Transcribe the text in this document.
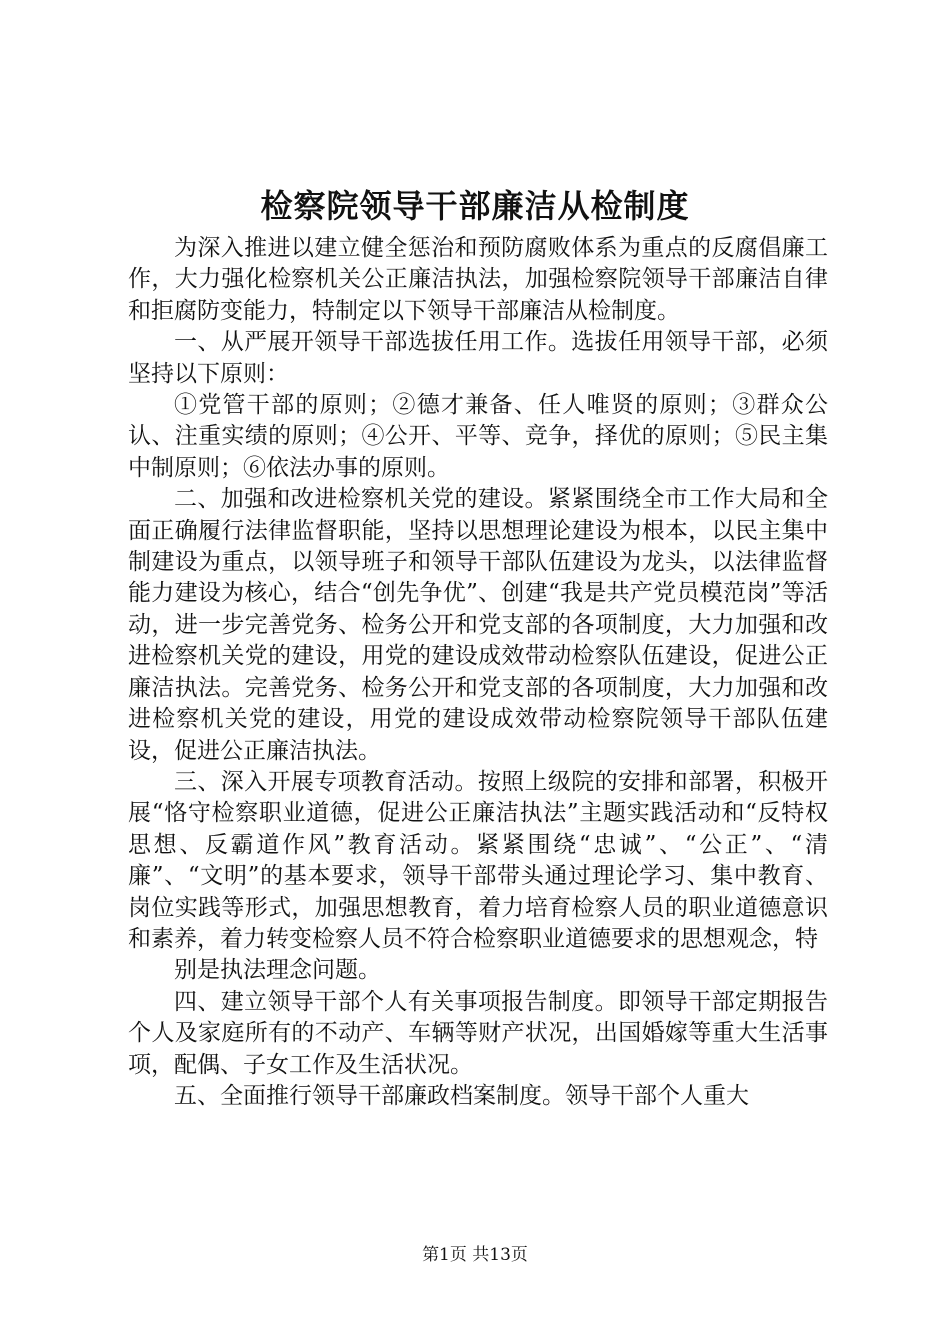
检察院领导干部廉洁从检制度

为深入推进以建立健全惩治和预防腐败体系为重点的反腐倡廉工作，大力强化检察机关公正廉洁执法，加强检察院领导干部廉洁自律和拒腐防变能力，特制定以下领导干部廉洁从检制度。

一、从严展开领导干部选拔任用工作。选拔任用领导干部，必须坚持以下原则：

①党管干部的原则；②德才兼备、任人唯贤的原则；③群众公认、注重实绩的原则；④公开、平等、竞争，择优的原则；⑤民主集中制原则；⑥依法办事的原则。

二、加强和改进检察机关党的建设。紧紧围绕全市工作大局和全面正确履行法律监督职能，坚持以思想理论建设为根本，以民主集中制建设为重点，以领导班子和领导干部队伍建设为龙头，以法律监督能力建设为核心，结合“创先争优”、创建“我是共产党员模范岗”等活动，进一步完善党务、检务公开和党支部的各项制度，大力加强和改进检察机关党的建设，用党的建设成效带动检察队伍建设，促进公正廉洁执法。完善党务、检务公开和党支部的各项制度，大力加强和改进检察机关党的建设，用党的建设成效带动检察院领导干部队伍建设，促进公正廉洁执法。

三、深入开展专项教育活动。按照上级院的安排和部署，积极开展“恪守检察职业道德，促进公正廉洁执法”主题实践活动和“反特权思想、反霸道作风”教育活动。紧紧围绕“忠诚”、“公正”、“清廉”、“文明”的基本要求，领导干部带头通过理论学习、集中教育、岗位实践等形式，加强思想教育，着力培育检察人员的职业道德意识和素养，着力转变检察人员不符合检察职业道德要求的思想观念，特

别是执法理念问题。

四、建立领导干部个人有关事项报告制度。即领导干部定期报告个人及家庭所有的不动产、车辆等财产状况，出国婚嫁等重大生活事项，配偶、子女工作及生活状况。

五、全面推行领导干部廉政档案制度。领导干部个人重大

第1页 共13页
